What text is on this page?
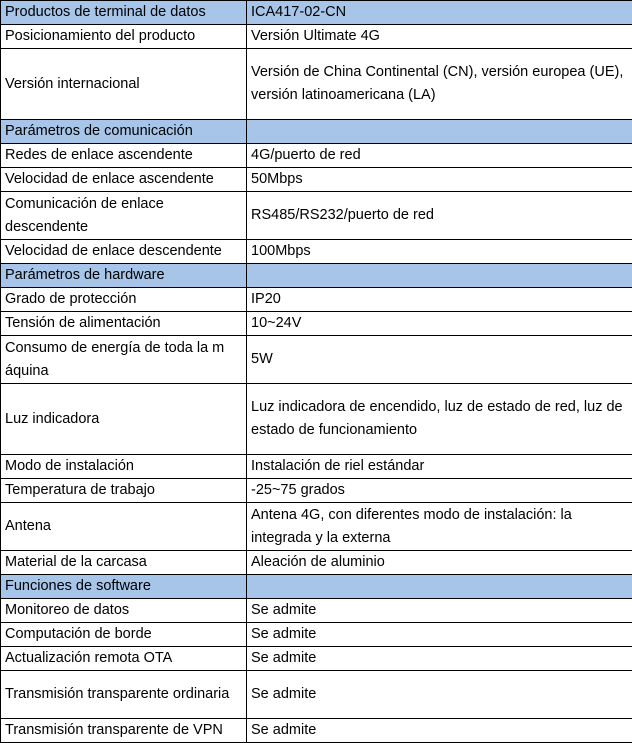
Productos de terminal de datos	ICA417-02-CN
Posicionamiento del producto	Versión Ultimate 4G
Versión internacional	Versión de China Continental (CN), versión europea (UE), versión latinoamericana (LA)
Parámetros de comunicación	
Redes de enlace ascendente	4G/puerto de red
Velocidad de enlace ascendente	50Mbps
Comunicación de enlace descendente	RS485/RS232/puerto de red
Velocidad de enlace descendente	100Mbps
Parámetros de hardware	
Grado de protección	IP20
Tensión de alimentación	10~24V
Consumo de energía de toda la m áquina	5W
Luz indicadora	Luz indicadora de encendido, luz de estado de red, luz de estado de funcionamiento
Modo de instalación	Instalación de riel estándar
Temperatura de trabajo	-25~75 grados
Antena	Antena 4G, con diferentes modo de instalación: la integrada y la externa
Material de la carcasa	Aleación de aluminio
Funciones de software	
Monitoreo de datos	Se admite
Computación de borde	Se admite
Actualización remota OTA	Se admite
Transmisión transparente ordinaria	Se admite
Transmisión transparente de VPN	Se admite
